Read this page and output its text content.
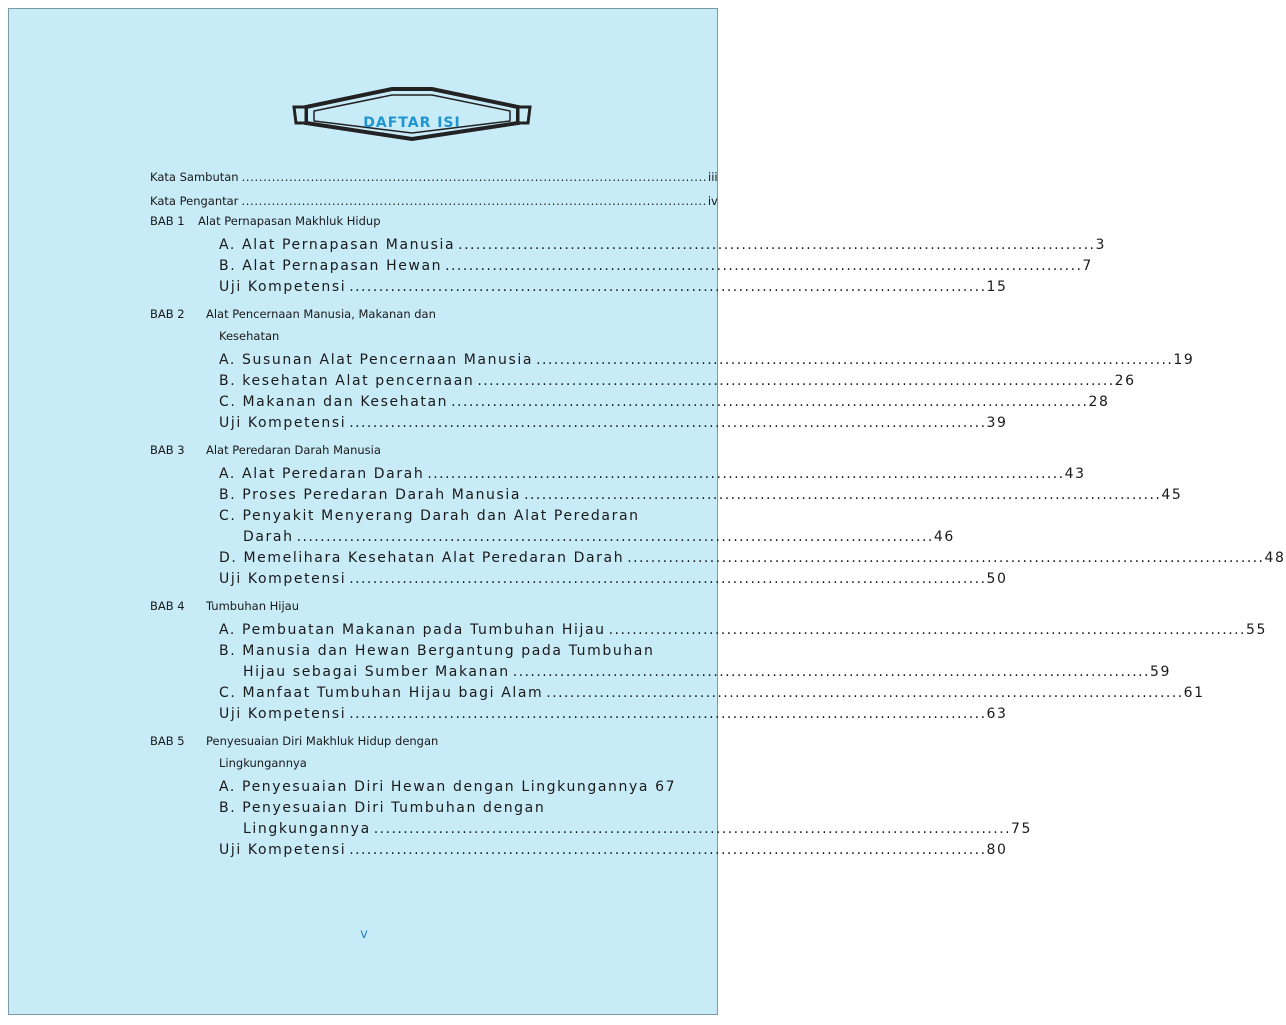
DAFTAR ISI
Kata Sambutan . . .	iii
Kata Pengantar . . .	iv
BAB 1	Alat Pernapasan Makhluk Hidup
A. Alat Pernapasan Manusia . . .	3
B. Alat Pernapasan Hewan . . .	7
Uji Kompetensi . . .	15
BAB 2	Alat Pencernaan Manusia, Makanan dan
Kesehatan
A. Susunan Alat Pencernaan Manusia . . .	19
B. kesehatan Alat pencernaan . . .	26
C. Makanan dan Kesehatan . . .	28
Uji Kompetensi . . .	39
BAB 3	Alat Peredaran Darah Manusia
A. Alat Peredaran Darah . . .	43
B. Proses Peredaran Darah Manusia . . .	45
C. Penyakit Menyerang Darah dan Alat Peredaran
Darah . . .	46
D. Memelihara Kesehatan Alat Peredaran Darah . . .	48
Uji Kompetensi . . .	50
BAB 4	Tumbuhan Hijau
A. Pembuatan Makanan pada Tumbuhan Hijau . . .	55
B. Manusia dan Hewan Bergantung pada Tumbuhan
Hijau sebagai Sumber Makanan . . .	59
C. Manfaat Tumbuhan Hijau bagi Alam . . .	61
Uji Kompetensi . . .	63
BAB 5	Penyesuaian Diri Makhluk Hidup dengan
Lingkungannya
A. Penyesuaian Diri Hewan dengan Lingkungannya 67
B. Penyesuaian Diri Tumbuhan dengan
Lingkungannya . . .	75
Uji Kompetensi . . .	80
v
